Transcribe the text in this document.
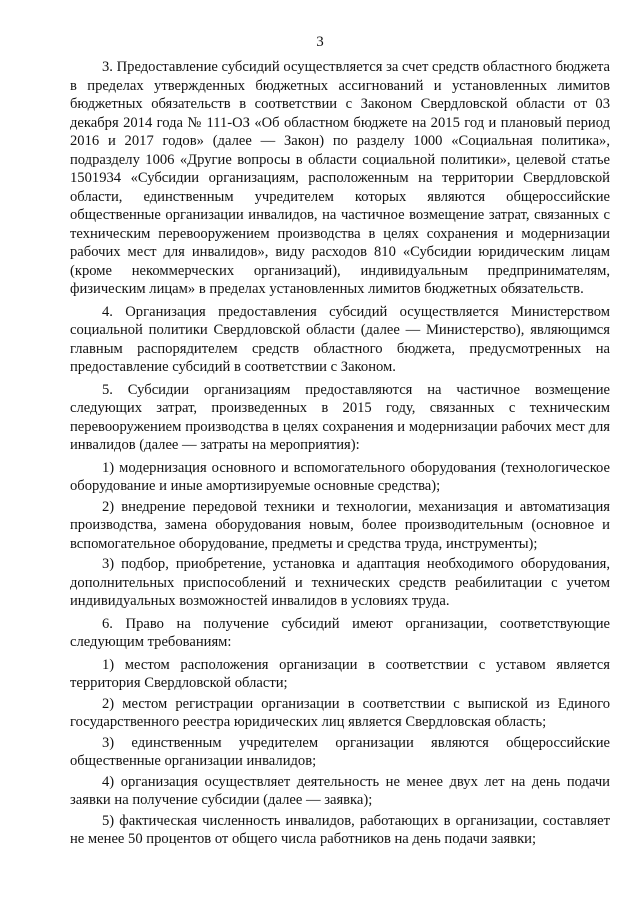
3

3. Предоставление субсидий осуществляется за счет средств областного бюджета в пределах утвержденных бюджетных ассигнований и установленных лимитов бюджетных обязательств в соответствии с Законом Свердловской области от 03 декабря 2014 года № 111-ОЗ «Об областном бюджете на 2015 год и плановый период 2016 и 2017 годов» (далее — Закон) по разделу 1000 «Социальная политика», подразделу 1006 «Другие вопросы в области социальной политики», целевой статье 1501934 «Субсидии организациям, расположенным на территории Свердловской области, единственным учредителем которых являются общероссийские общественные организации инвалидов, на частичное возмещение затрат, связанных с техническим перевооружением производства в целях сохранения и модернизации рабочих мест для инвалидов», виду расходов 810 «Субсидии юридическим лицам (кроме некоммерческих организаций), индивидуальным предпринимателям, физическим лицам» в пределах установленных лимитов бюджетных обязательств.

4. Организация предоставления субсидий осуществляется Министерством социальной политики Свердловской области (далее — Министерство), являющимся главным распорядителем средств областного бюджета, предусмотренных на предоставление субсидий в соответствии с Законом.

5. Субсидии организациям предоставляются на частичное возмещение следующих затрат, произведенных в 2015 году, связанных с техническим перевооружением производства в целях сохранения и модернизации рабочих мест для инвалидов (далее — затраты на мероприятия):

1) модернизация основного и вспомогательного оборудования (технологическое оборудование и иные амортизируемые основные средства);

2) внедрение передовой техники и технологии, механизация и автоматизация производства, замена оборудования новым, более производительным (основное и вспомогательное оборудование, предметы и средства труда, инструменты);

3) подбор, приобретение, установка и адаптация необходимого оборудования, дополнительных приспособлений и технических средств реабилитации с учетом индивидуальных возможностей инвалидов в условиях труда.

6. Право на получение субсидий имеют организации, соответствующие следующим требованиям:

1) местом расположения организации в соответствии с уставом является территория Свердловской области;

2) местом регистрации организации в соответствии с выпиской из Единого государственного реестра юридических лиц является Свердловская область;

3) единственным учредителем организации являются общероссийские общественные организации инвалидов;

4) организация осуществляет деятельность не менее двух лет на день подачи заявки на получение субсидии (далее — заявка);

5) фактическая численность инвалидов, работающих в организации, составляет не менее 50 процентов от общего числа работников на день подачи заявки;
